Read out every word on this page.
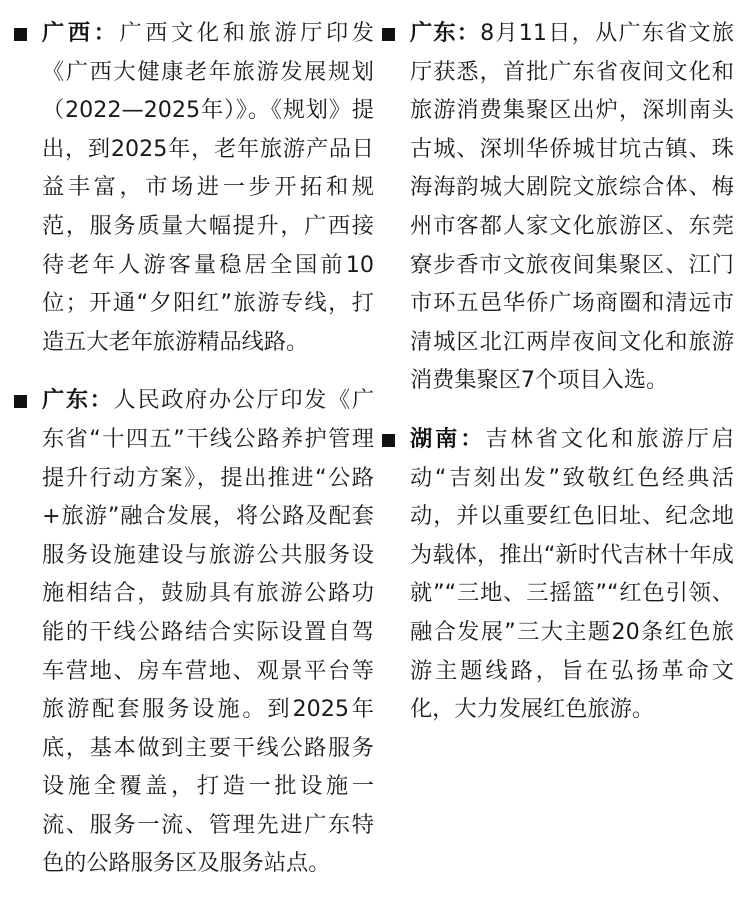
广西：广西文化和旅游厅印发《广西大健康老年旅游发展规划（2022—2025年）》。《规划》提出，到2025年，老年旅游产品日益丰富，市场进一步开拓和规范，服务质量大幅提升，广西接待老年人游客量稳居全国前10位；开通“夕阳红”旅游专线，打造五大老年旅游精品线路。
广东：人民政府办公厅印发《广东省“十四五”干线公路养护管理提升行动方案》，提出推进“公路+旅游”融合发展，将公路及配套服务设施建设与旅游公共服务设施相结合，鼓励具有旅游公路功能的干线公路结合实际设置自驾车营地、房车营地、观景平台等旅游配套服务设施。到2025年底，基本做到主要干线公路服务设施全覆盖，打造一批设施一流、服务一流、管理先进广东特色的公路服务区及服务站点。
广东：8月11日，从广东省文旅厅获悉，首批广东省夜间文化和旅游消费集聚区出炉，深圳南头古城、深圳华侨城甘坑古镇、珠海海韵城大剧院文旅综合体、梅州市客都人家文化旅游区、东莞寮步香市文旅夜间集聚区、江门市环五邑华侨广场商圈和清远市清城区北江两岸夜间文化和旅游消费集聚区7个项目入选。
湖南：吉林省文化和旅游厅启动“吉刻出发”致敬红色经典活动，并以重要红色旧址、纪念地为载体，推出“新时代吉林十年成就”“三地、三摇篮”“红色引领、融合发展”三大主题20条红色旅游主题线路，旨在弘扬革命文化，大力发展红色旅游。
